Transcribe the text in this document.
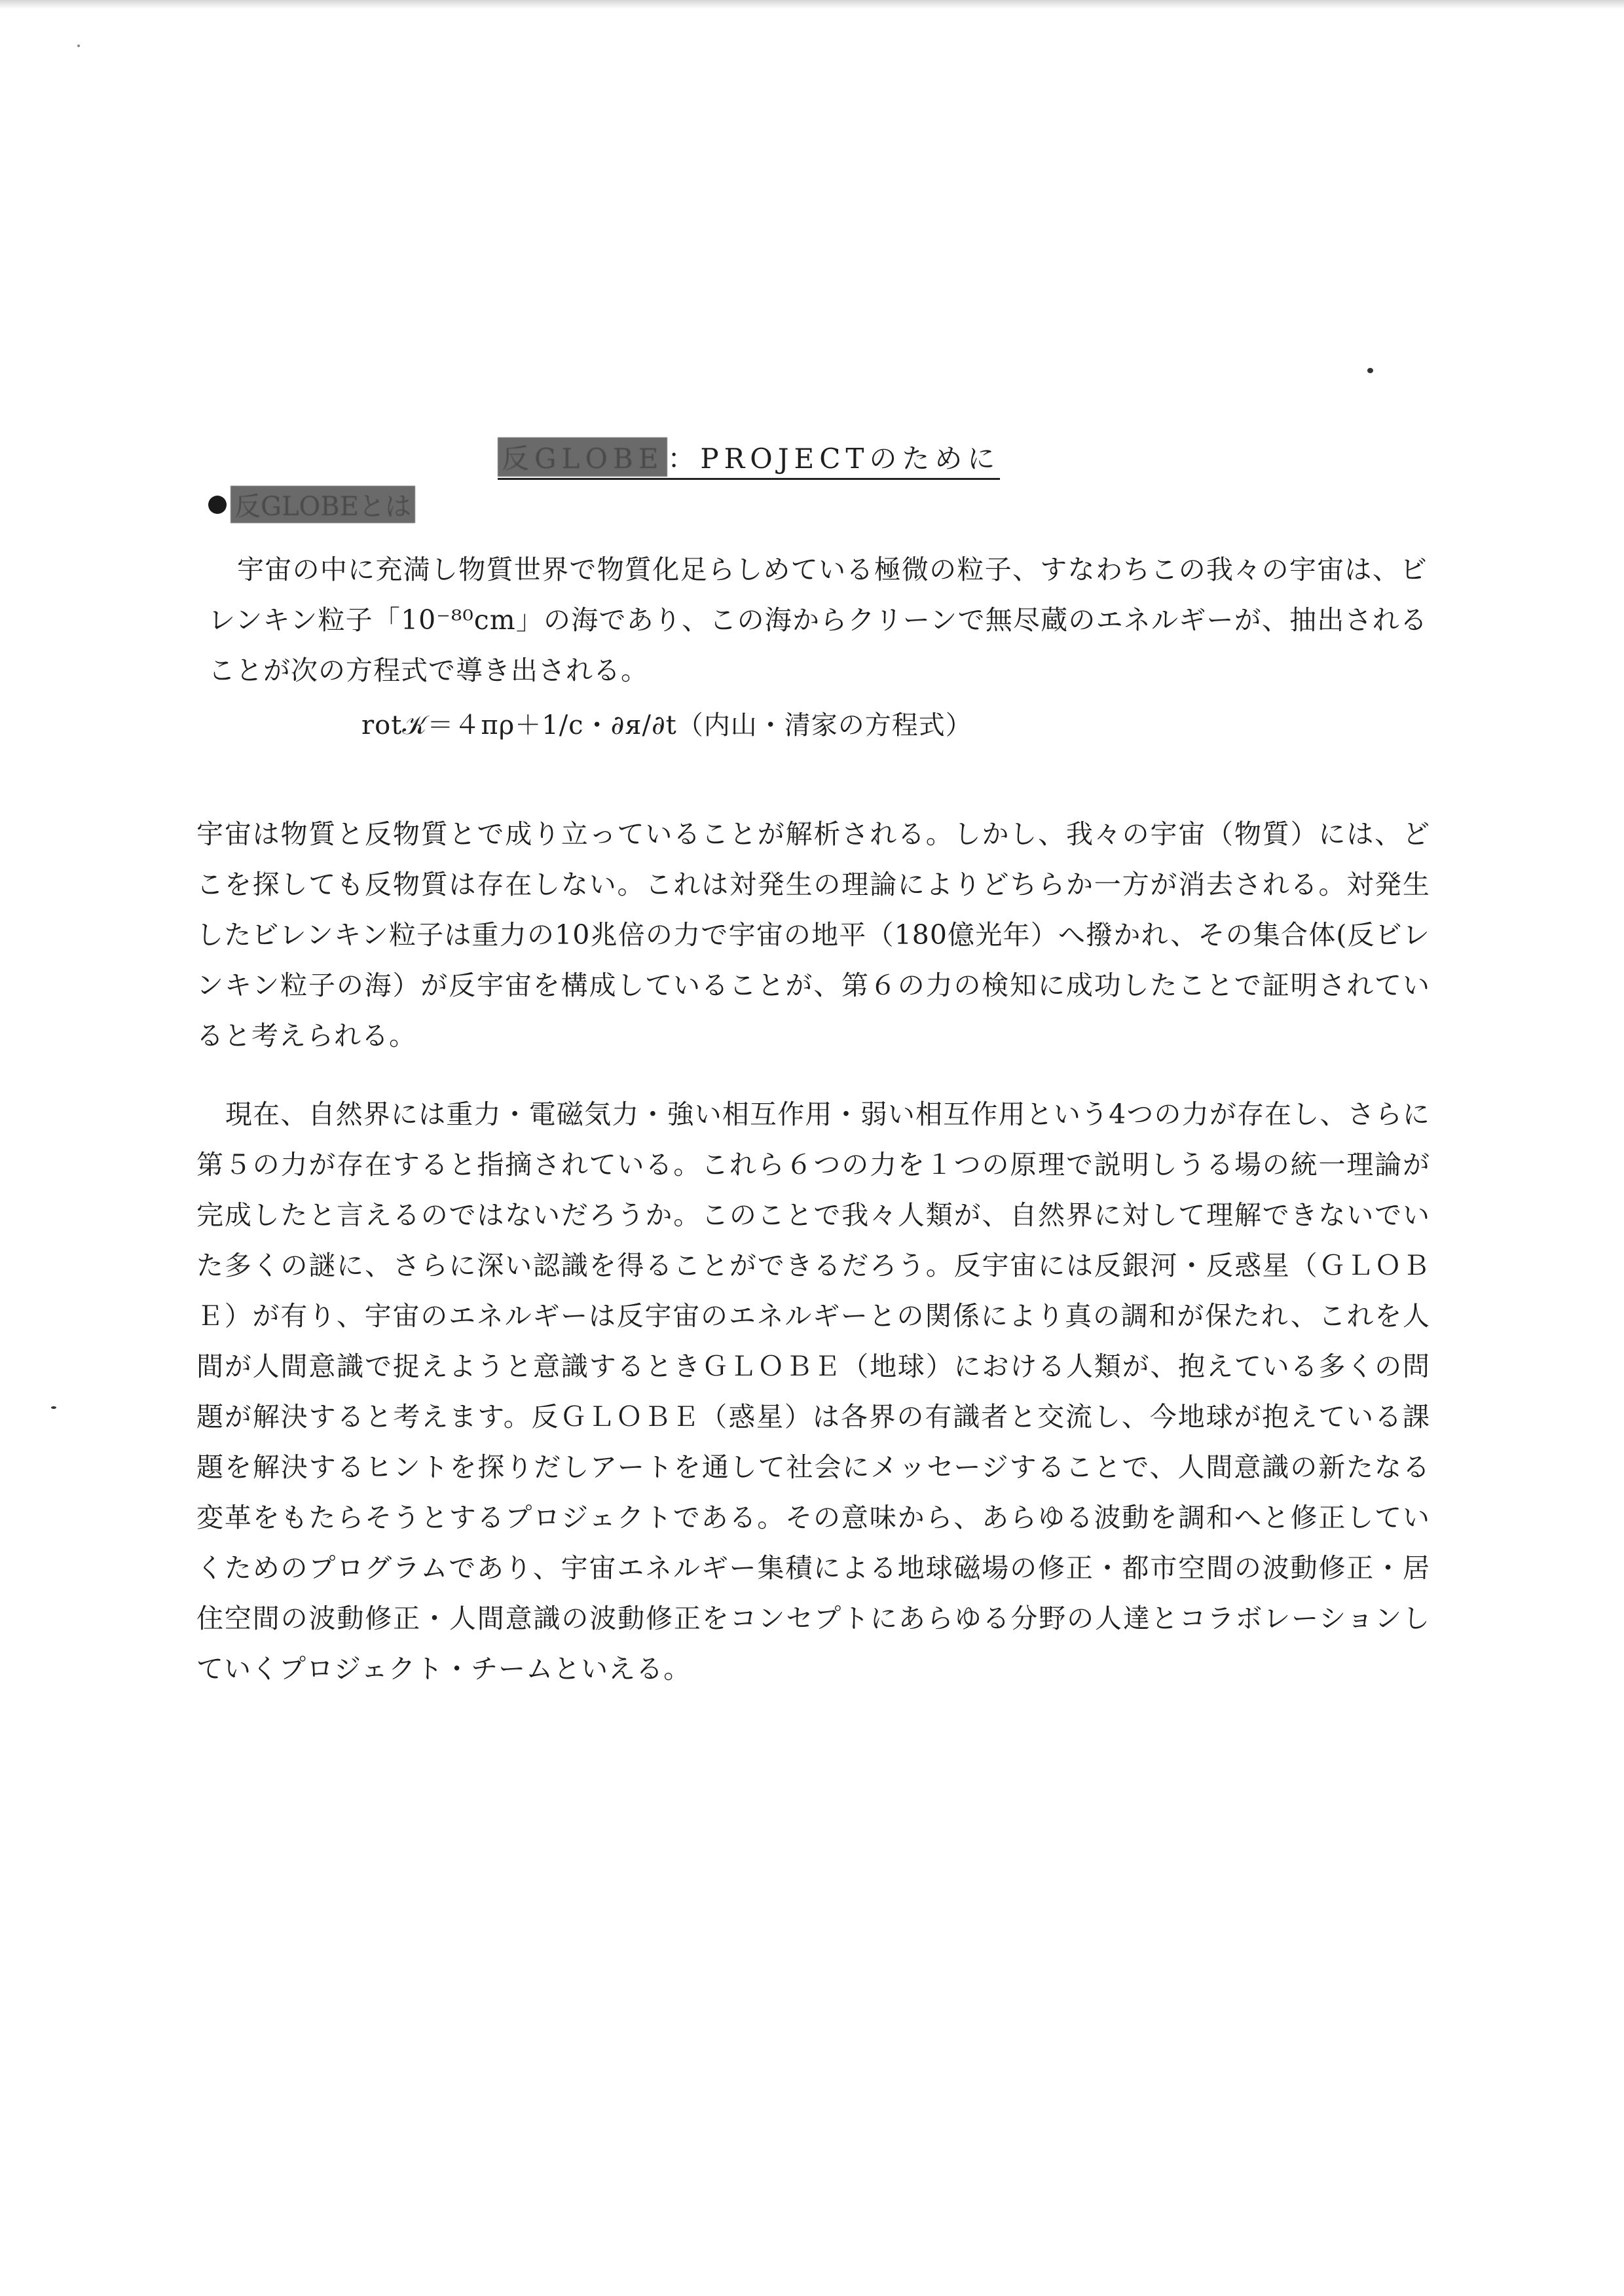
反GLOBE ：PROJECTのために
反GLOBEとは

宇宙の中に充満し物質世界で物質化足らしめている極微の粒子、すなわちこの我々の宇宙は、ビレンキン粒子「10⁻⁸⁰cm」の海であり、この海からクリーンで無尽蔵のエネルギーが、抽出されることが次の方程式で導き出される。

rot𝒦＝４πρ＋1/c・∂я/∂t（内山・清家の方程式）

宇宙は物質と反物質とで成り立っていることが解析される。しかし、我々の宇宙（物質）には、どこを探しても反物質は存在しない。これは対発生の理論によりどちらか一方が消去される。対発生したビレンキン粒子は重力の10兆倍の力で宇宙の地平（180億光年）へ撥かれ、その集合体(反ビレンキン粒子の海）が反宇宙を構成していることが、第６の力の検知に成功したことで証明されていると考えられる。

現在、自然界には重力・電磁気力・強い相互作用・弱い相互作用という4つの力が存在し、さらに第５の力が存在すると指摘されている。これら６つの力を１つの原理で説明しうる場の統一理論が完成したと言えるのではないだろうか。このことで我々人類が、自然界に対して理解できないでいた多くの謎に、さらに深い認識を得ることができるだろう。反宇宙には反銀河・反惑星（ＧＬＯＢＥ）が有り、宇宙のエネルギーは反宇宙のエネルギーとの関係により真の調和が保たれ、これを人間が人間意識で捉えようと意識するときＧＬＯＢＥ（地球）における人類が、抱えている多くの問題が解決すると考えます。反ＧＬＯＢＥ（惑星）は各界の有識者と交流し、今地球が抱えている課題を解決するヒントを探りだしアートを通して社会にメッセージすることで、人間意識の新たなる変革をもたらそうとするプロジェクトである。その意味から、あらゆる波動を調和へと修正していくためのプログラムであり、宇宙エネルギー集積による地球磁場の修正・都市空間の波動修正・居住空間の波動修正・人間意識の波動修正をコンセプトにあらゆる分野の人達とコラボレーションしていくプロジェクト・チームといえる。
